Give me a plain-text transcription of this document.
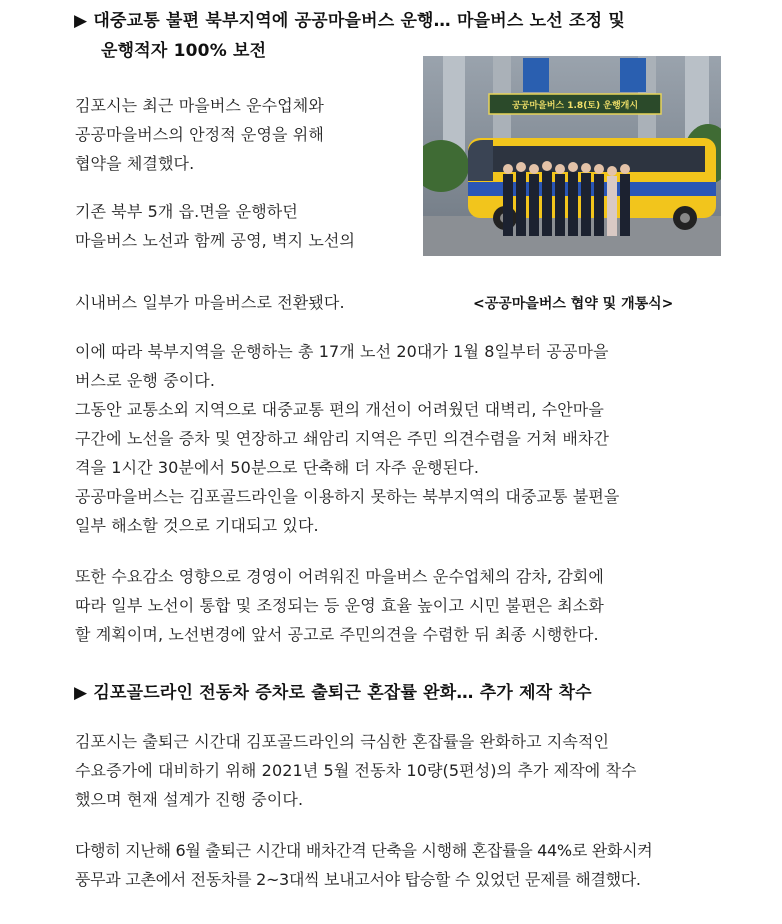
▶ 대중교통 불편 북부지역에 공공마을버스 운행… 마을버스 노선 조정 및
운행적자 100% 보전

김포시는 최근 마을버스 운수업체와

공공마을버스의 안정적 운영을 위해

협약을 체결했다.

기존 북부 5개 읍.면을 운행하던

마을버스 노선과 함께 공영, 벽지 노선의

공공마을버스 1.8(토) 운행개시
시내버스 일부가 마을버스로 전환됐다.	<공공마을버스 협약 및 개통식>

이에 따라 북부지역을 운행하는 총 17개 노선 20대가 1월 8일부터 공공마을

버스로 운행 중이다.

그동안 교통소외 지역으로 대중교통 편의 개선이 어려웠던 대벽리, 수안마을

구간에 노선을 증차 및 연장하고 쇄암리 지역은 주민 의견수렴을 거쳐 배차간

격을 1시간 30분에서 50분으로 단축해 더 자주 운행된다.

공공마을버스는 김포골드라인을 이용하지 못하는 북부지역의 대중교통 불편을

일부 해소할 것으로 기대되고 있다.

또한 수요감소 영향으로 경영이 어려워진 마을버스 운수업체의 감차, 감회에

따라 일부 노선이 통합 및 조정되는 등 운영 효율 높이고 시민 불편은 최소화

할 계획이며, 노선변경에 앞서 공고로 주민의견을 수렴한 뒤 최종 시행한다.

▶ 김포골드라인 전동차 증차로 출퇴근 혼잡률 완화… 추가 제작 착수

김포시는 출퇴근 시간대 김포골드라인의 극심한 혼잡률을 완화하고 지속적인

수요증가에 대비하기 위해 2021년 5월 전동차 10량(5편성)의 추가 제작에 착수

했으며 현재 설계가 진행 중이다.

다행히 지난해 6월 출퇴근 시간대 배차간격 단축을 시행해 혼잡률을 44%로 완화시켜

풍무과 고촌에서 전동차를 2~3대씩 보내고서야 탑승할 수 있었던 문제를 해결했다.
